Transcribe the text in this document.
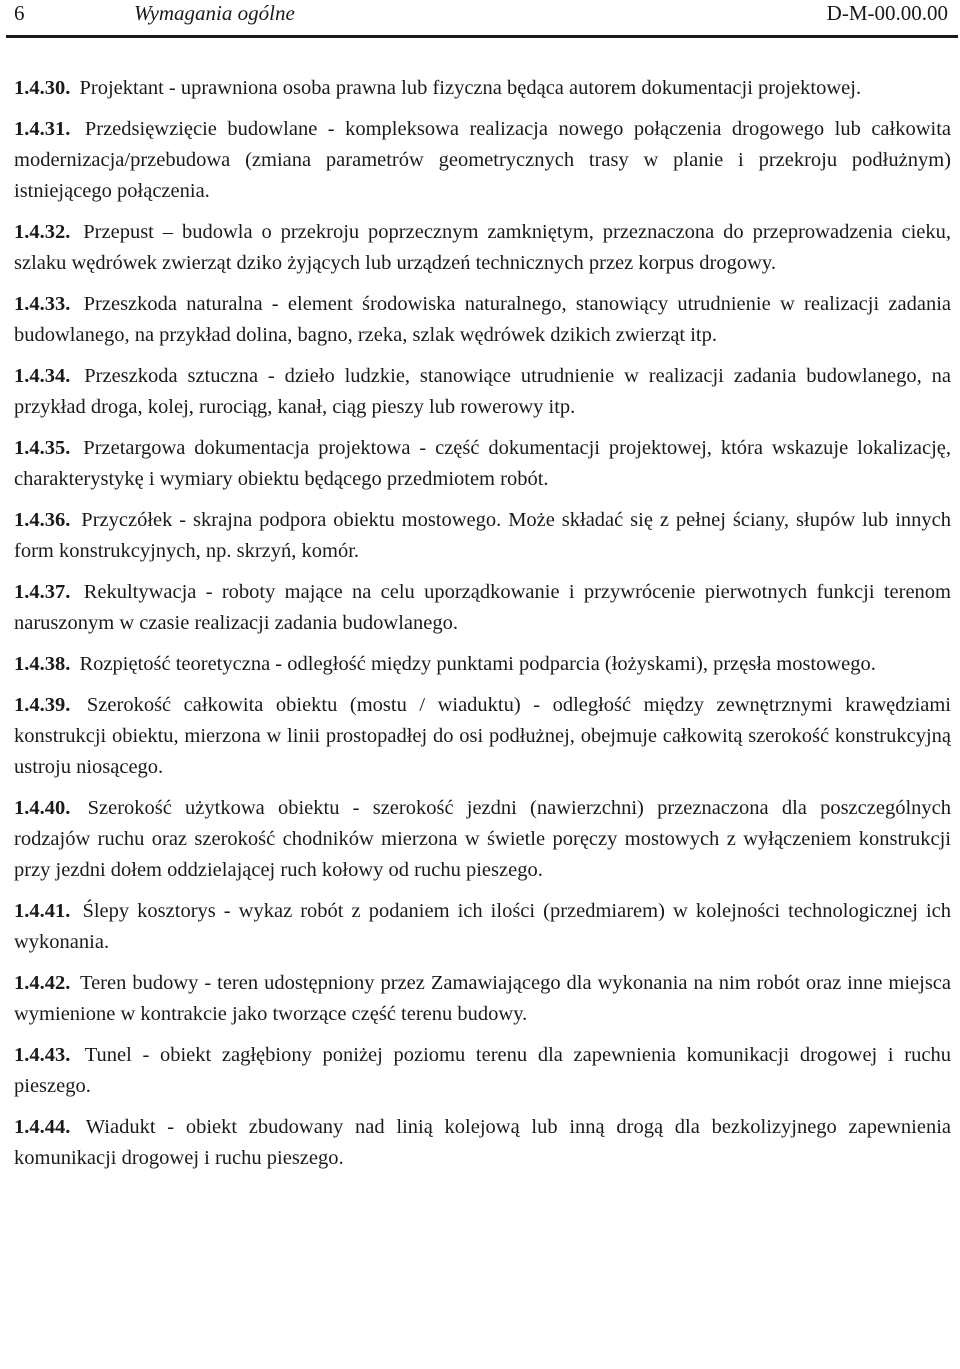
6	Wymagania ogólne	D-M-00.00.00

1.4.30. Projektant - uprawniona osoba prawna lub fizyczna będąca autorem dokumentacji projektowej.

1.4.31. Przedsięwzięcie budowlane - kompleksowa realizacja nowego połączenia drogowego lub całkowita modernizacja/przebudowa (zmiana parametrów geometrycznych trasy w planie i przekroju podłużnym) istniejącego połączenia.

1.4.32. Przepust – budowla o przekroju poprzecznym zamkniętym, przeznaczona do przeprowadzenia cieku, szlaku wędrówek zwierząt dziko żyjących lub urządzeń technicznych przez korpus drogowy.

1.4.33. Przeszkoda naturalna - element środowiska naturalnego, stanowiący utrudnienie w realizacji zadania budowlanego, na przykład dolina, bagno, rzeka, szlak wędrówek dzikich zwierząt itp.

1.4.34. Przeszkoda sztuczna - dzieło ludzkie, stanowiące utrudnienie w realizacji zadania budowlanego, na przykład droga, kolej, rurociąg, kanał, ciąg pieszy lub rowerowy itp.

1.4.35. Przetargowa dokumentacja projektowa - część dokumentacji projektowej, która wskazuje lokalizację, charakterystykę i wymiary obiektu będącego przedmiotem robót.

1.4.36. Przyczółek - skrajna podpora obiektu mostowego. Może składać się z pełnej ściany, słupów lub innych form konstrukcyjnych, np. skrzyń, komór.

1.4.37. Rekultywacja - roboty mające na celu uporządkowanie i przywrócenie pierwotnych funkcji terenom naruszonym w czasie realizacji zadania budowlanego.

1.4.38. Rozpiętość teoretyczna - odległość między punktami podparcia (łożyskami), przęsła mostowego.

1.4.39. Szerokość całkowita obiektu (mostu / wiaduktu) - odległość między zewnętrznymi krawędziami konstrukcji obiektu, mierzona w linii prostopadłej do osi podłużnej, obejmuje całkowitą szerokość konstrukcyjną ustroju niosącego.

1.4.40. Szerokość użytkowa obiektu - szerokość jezdni (nawierzchni) przeznaczona dla poszczególnych rodzajów ruchu oraz szerokość chodników mierzona w świetle poręczy mostowych z wyłączeniem konstrukcji przy jezdni dołem oddzielającej ruch kołowy od ruchu pieszego.

1.4.41. Ślepy kosztorys - wykaz robót z podaniem ich ilości (przedmiarem) w kolejności technologicznej ich wykonania.

1.4.42. Teren budowy - teren udostępniony przez Zamawiającego dla wykonania na nim robót oraz inne miejsca wymienione w kontrakcie jako tworzące część terenu budowy.

1.4.43. Tunel - obiekt zagłębiony poniżej poziomu terenu dla zapewnienia komunikacji drogowej i ruchu pieszego.

1.4.44. Wiadukt - obiekt zbudowany nad linią kolejową lub inną drogą dla bezkolizyjnego zapewnienia komunikacji drogowej i ruchu pieszego.
